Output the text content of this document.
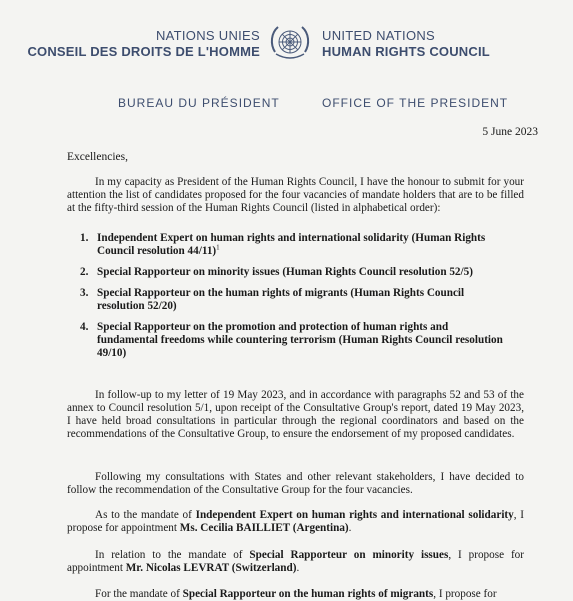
NATIONS UNIES
CONSEIL DES DROITS DE L'HOMME
UNITED NATIONS
HUMAN RIGHTS COUNCIL
BUREAU DU PRÉSIDENT	OFFICE OF THE PRESIDENT
5 June 2023
Excellencies,

In my capacity as President of the Human Rights Council, I have the honour to submit for your attention the list of candidates proposed for the four vacancies of mandate holders that are to be filled at the fifty-third session of the Human Rights Council (listed in alphabetical order):

1. Independent Expert on human rights and international solidarity (Human Rights Council resolution 44/11)$^1$
2. Special Rapporteur on minority issues (Human Rights Council resolution 52/5)
3. Special Rapporteur on the human rights of migrants (Human Rights Council resolution 52/20)
4. Special Rapporteur on the promotion and protection of human rights and fundamental freedoms while countering terrorism (Human Rights Council resolution 49/10)

In follow-up to my letter of 19 May 2023, and in accordance with paragraphs 52 and 53 of the annex to Council resolution 5/1, upon receipt of the Consultative Group's report, dated 19 May 2023, I have held broad consultations in particular through the regional coordinators and based on the recommendations of the Consultative Group, to ensure the endorsement of my proposed candidates.

Following my consultations with States and other relevant stakeholders, I have decided to follow the recommendation of the Consultative Group for the four vacancies.

As to the mandate of Independent Expert on human rights and international solidarity, I propose for appointment Ms. Cecilia BAILLIET (Argentina).

In relation to the mandate of Special Rapporteur on minority issues, I propose for appointment Mr. Nicolas LEVRAT (Switzerland).

For the mandate of Special Rapporteur on the human rights of migrants, I propose for
